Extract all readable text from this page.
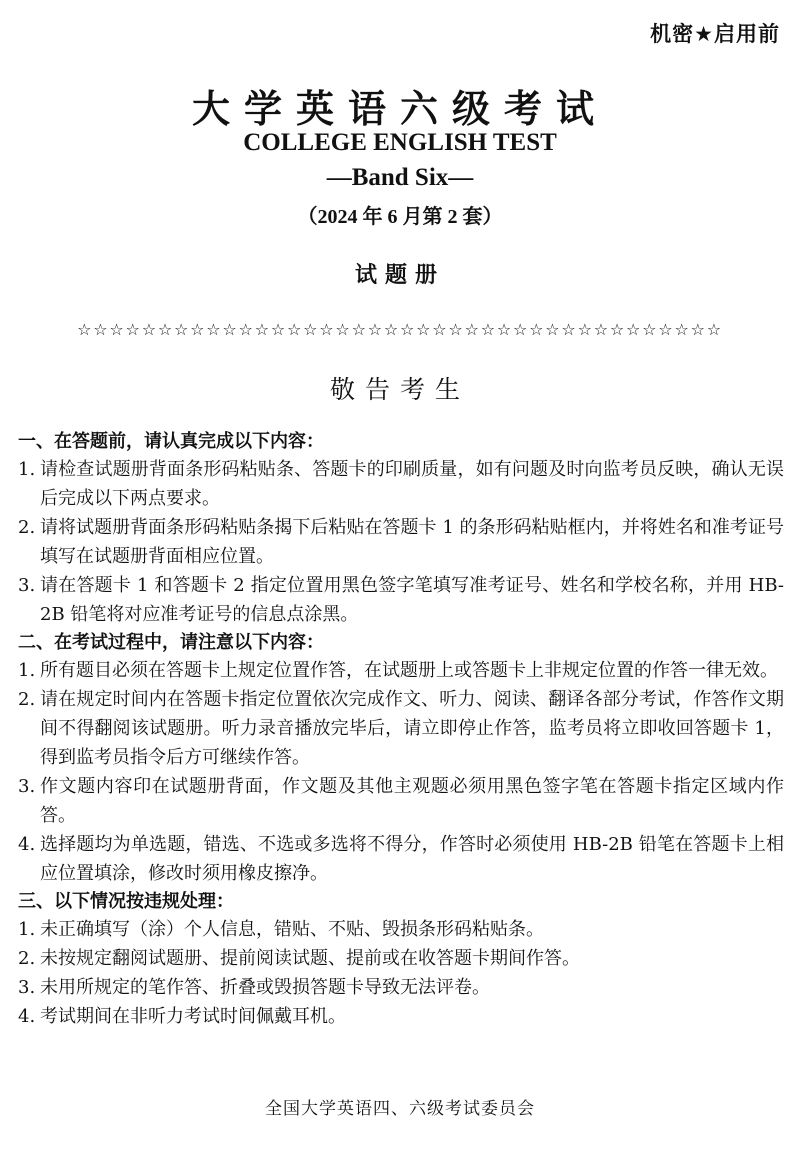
机密★启用前
大学英语六级考试
COLLEGE ENGLISH TEST
—Band Six—
（2024 年 6 月第 2 套）
试题册
☆☆☆☆☆☆☆☆☆☆☆☆☆☆☆☆☆☆☆☆☆☆☆☆☆☆☆☆☆☆☆☆☆☆☆☆☆☆☆☆
敬告考生

一、在答题前，请认真完成以下内容：

1. 请检查试题册背面条形码粘贴条、答题卡的印刷质量，如有问题及时向监考员反映，确认无误后完成以下两点要求。

2. 请将试题册背面条形码粘贴条揭下后粘贴在答题卡 1 的条形码粘贴框内，并将姓名和准考证号填写在试题册背面相应位置。

3. 请在答题卡 1 和答题卡 2 指定位置用黑色签字笔填写准考证号、姓名和学校名称，并用 HB-2B 铅笔将对应准考证号的信息点涂黑。

二、在考试过程中，请注意以下内容：

1. 所有题目必须在答题卡上规定位置作答，在试题册上或答题卡上非规定位置的作答一律无效。

2. 请在规定时间内在答题卡指定位置依次完成作文、听力、阅读、翻译各部分考试，作答作文期间不得翻阅该试题册。听力录音播放完毕后，请立即停止作答，监考员将立即收回答题卡 1，得到监考员指令后方可继续作答。

3. 作文题内容印在试题册背面，作文题及其他主观题必须用黑色签字笔在答题卡指定区域内作答。

4. 选择题均为单选题，错选、不选或多选将不得分，作答时必须使用 HB-2B 铅笔在答题卡上相应位置填涂，修改时须用橡皮擦净。

三、以下情况按违规处理：

1. 未正确填写（涂）个人信息，错贴、不贴、毁损条形码粘贴条。

2. 未按规定翻阅试题册、提前阅读试题、提前或在收答题卡期间作答。

3. 未用所规定的笔作答、折叠或毁损答题卡导致无法评卷。

4. 考试期间在非听力考试时间佩戴耳机。

全国大学英语四、六级考试委员会
